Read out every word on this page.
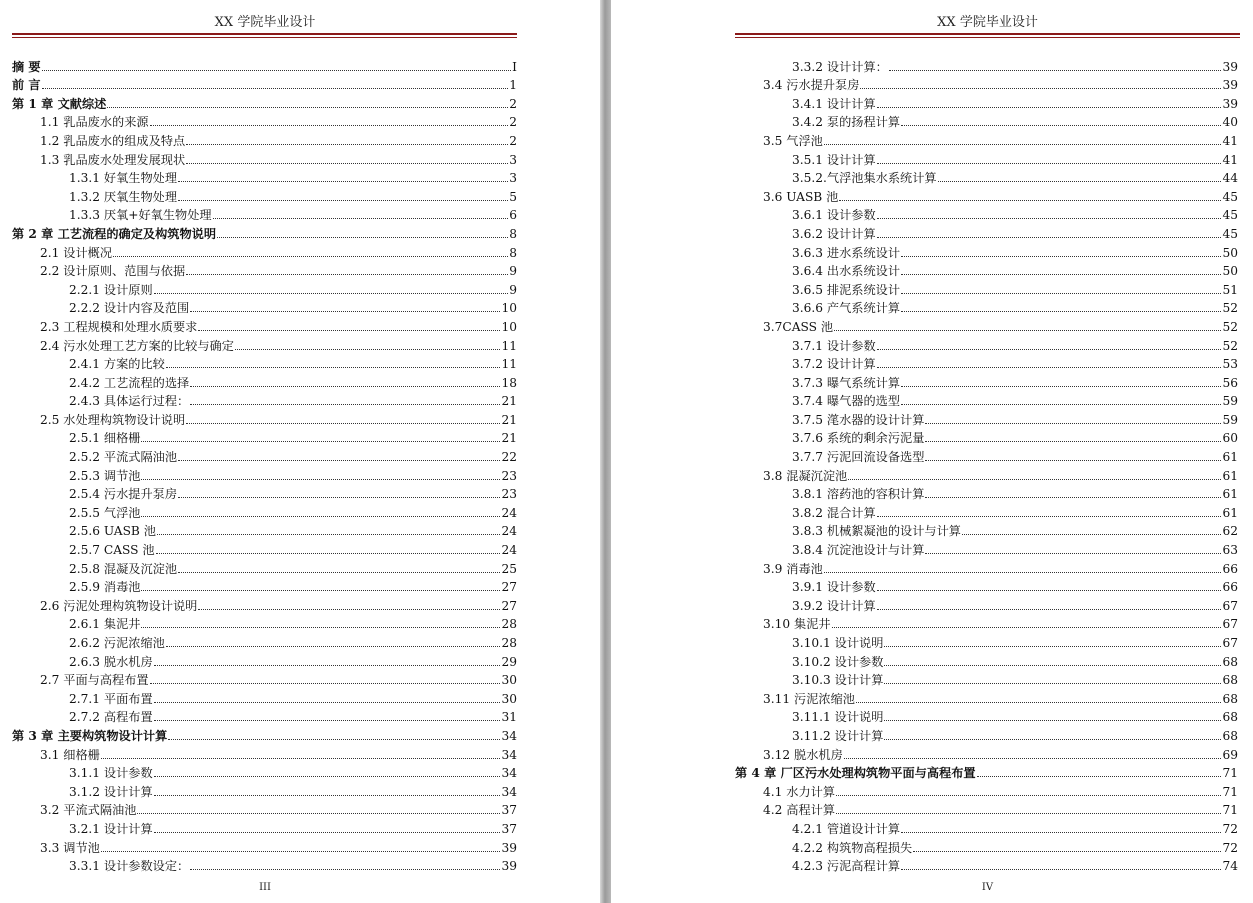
XX 学院毕业设计
摘 要	I
前 言	1
第 1 章 文献综述	2
1.1 乳品废水的来源	2
1.2 乳品废水的组成及特点	2
1.3 乳品废水处理发展现状	3
1.3.1 好氧生物处理	3
1.3.2 厌氧生物处理	5
1.3.3 厌氧+好氧生物处理	6
第 2 章 工艺流程的确定及构筑物说明	8
2.1 设计概况	8
2.2 设计原则、范围与依据	9
2.2.1 设计原则	9
2.2.2 设计内容及范围	10
2.3 工程规模和处理水质要求	10
2.4 污水处理工艺方案的比较与确定	11
2.4.1 方案的比较	11
2.4.2 工艺流程的选择	18
2.4.3 具体运行过程：	21
2.5 水处理构筑物设计说明	21
2.5.1 细格栅	21
2.5.2 平流式隔油池	22
2.5.3 调节池	23
2.5.4 污水提升泵房	23
2.5.5 气浮池	24
2.5.6 UASB 池	24
2.5.7 CASS 池	24
2.5.8 混凝及沉淀池	25
2.5.9 消毒池	27
2.6 污泥处理构筑物设计说明	27
2.6.1 集泥井	28
2.6.2 污泥浓缩池	28
2.6.3 脱水机房	29
2.7 平面与高程布置	30
2.7.1 平面布置	30
2.7.2 高程布置	31
第 3 章 主要构筑物设计计算	34
3.1 细格栅	34
3.1.1 设计参数	34
3.1.2 设计计算	34
3.2 平流式隔油池	37
3.2.1 设计计算	37
3.3 调节池	39
3.3.1 设计参数设定：	39
III
XX 学院毕业设计
3.3.2 设计计算：	39
3.4 污水提升泵房	39
3.4.1 设计计算	39
3.4.2 泵的扬程计算	40
3.5 气浮池	41
3.5.1 设计计算	41
3.5.2.气浮池集水系统计算	44
3.6 UASB 池	45
3.6.1 设计参数	45
3.6.2 设计计算	45
3.6.3 进水系统设计	50
3.6.4 出水系统设计	50
3.6.5 排泥系统设计	51
3.6.6 产气系统计算	52
3.7CASS 池	52
3.7.1 设计参数	52
3.7.2 设计计算	53
3.7.3 曝气系统计算	56
3.7.4 曝气器的选型	59
3.7.5 滗水器的设计计算	59
3.7.6 系统的剩余污泥量	60
3.7.7 污泥回流设备选型	61
3.8 混凝沉淀池	61
3.8.1 溶药池的容积计算	61
3.8.2 混合计算	61
3.8.3 机械絮凝池的设计与计算	62
3.8.4 沉淀池设计与计算	63
3.9 消毒池	66
3.9.1 设计参数	66
3.9.2 设计计算	67
3.10 集泥井	67
3.10.1 设计说明	67
3.10.2 设计参数	68
3.10.3 设计计算	68
3.11 污泥浓缩池	68
3.11.1 设计说明	68
3.11.2 设计计算	68
3.12 脱水机房	69
第 4 章 厂区污水处理构筑物平面与高程布置	71
4.1 水力计算	71
4.2 高程计算	71
4.2.1 管道设计计算	72
4.2.2 构筑物高程损失	72
4.2.3 污泥高程计算	74
IV
